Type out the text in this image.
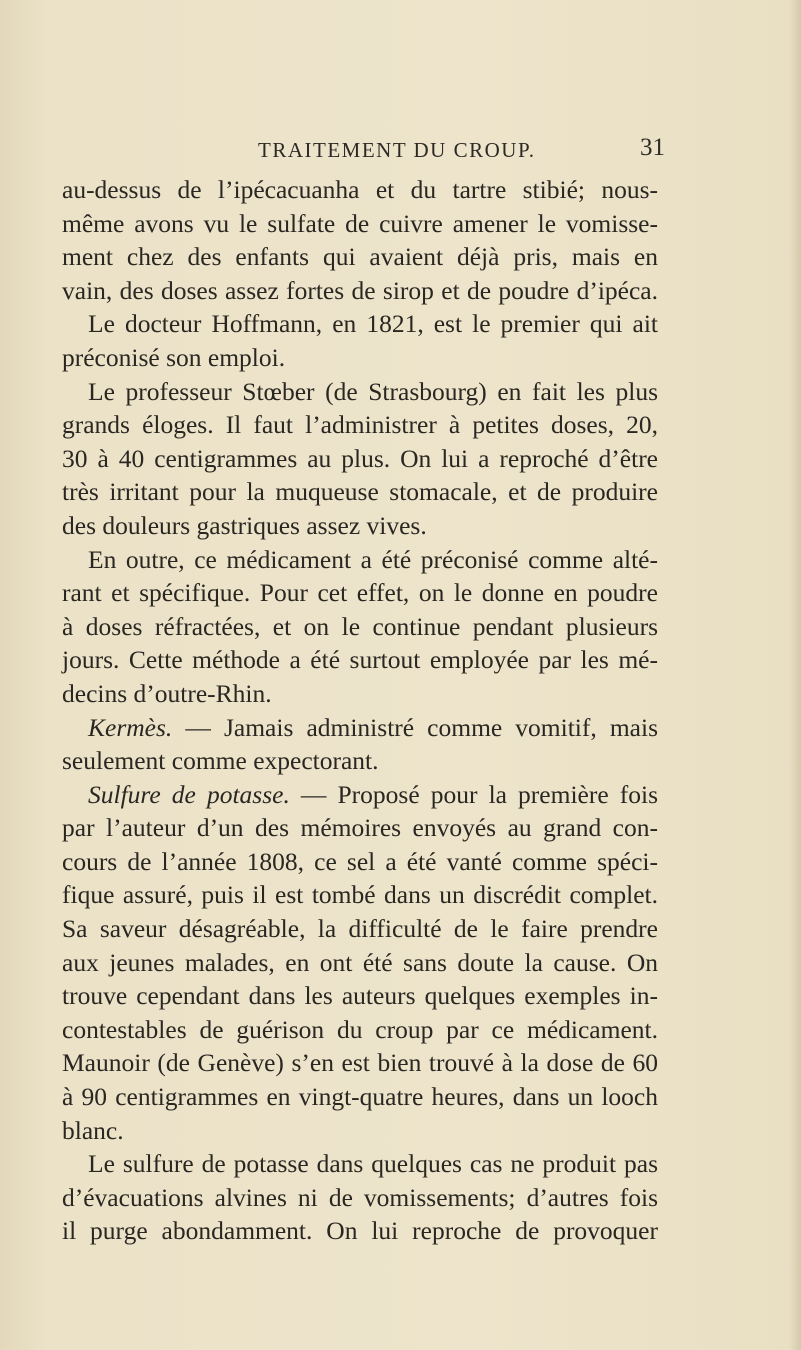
TRAITEMENT DU CROUP.	31
au-dessus de l’ipécacuanha et du tartre stibié; nous-
même avons vu le sulfate de cuivre amener le vomisse-
ment chez des enfants qui avaient déjà pris, mais en
vain, des doses assez fortes de sirop et de poudre d’ipéca.
Le docteur Hoffmann, en 1821, est le premier qui ait
préconisé son emploi.
Le professeur Stœber (de Strasbourg) en fait les plus
grands éloges. Il faut l’administrer à petites doses, 20,
30 à 40 centigrammes au plus. On lui a reproché d’être
très irritant pour la muqueuse stomacale, et de produire
des douleurs gastriques assez vives.
En outre, ce médicament a été préconisé comme alté-
rant et spécifique. Pour cet effet, on le donne en poudre
à doses réfractées, et on le continue pendant plusieurs
jours. Cette méthode a été surtout employée par les mé-
decins d’outre-Rhin.
Kermès. — Jamais administré comme vomitif, mais
seulement comme expectorant.
Sulfure de potasse. — Proposé pour la première fois
par l’auteur d’un des mémoires envoyés au grand con-
cours de l’année 1808, ce sel a été vanté comme spéci-
fique assuré, puis il est tombé dans un discrédit complet.
Sa saveur désagréable, la difficulté de le faire prendre
aux jeunes malades, en ont été sans doute la cause. On
trouve cependant dans les auteurs quelques exemples in-
contestables de guérison du croup par ce médicament.
Maunoir (de Genève) s’en est bien trouvé à la dose de 60
à 90 centigrammes en vingt-quatre heures, dans un looch
blanc.
Le sulfure de potasse dans quelques cas ne produit pas
d’évacuations alvines ni de vomissements; d’autres fois
il purge abondamment. On lui reproche de provoquer
